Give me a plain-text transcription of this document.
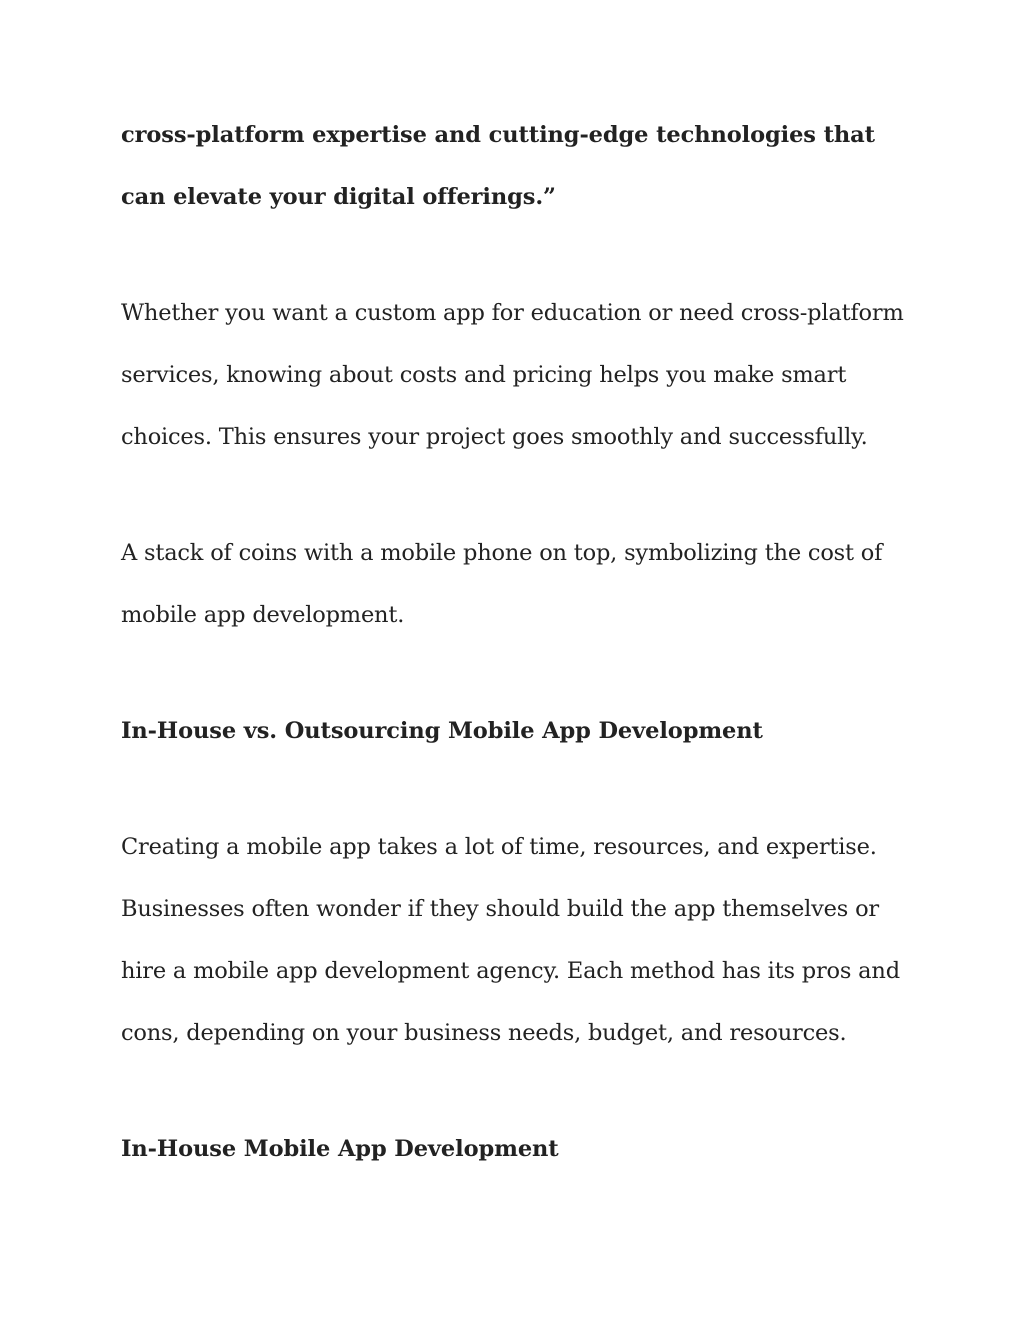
cross-platform expertise and cutting-edge technologies that
can elevate your digital offerings.”
Whether you want a custom app for education or need cross-platform
services, knowing about costs and pricing helps you make smart
choices. This ensures your project goes smoothly and successfully.
A stack of coins with a mobile phone on top, symbolizing the cost of
mobile app development.
In-House vs. Outsourcing Mobile App Development
Creating a mobile app takes a lot of time, resources, and expertise.
Businesses often wonder if they should build the app themselves or
hire a mobile app development agency. Each method has its pros and
cons, depending on your business needs, budget, and resources.
In-House Mobile App Development
